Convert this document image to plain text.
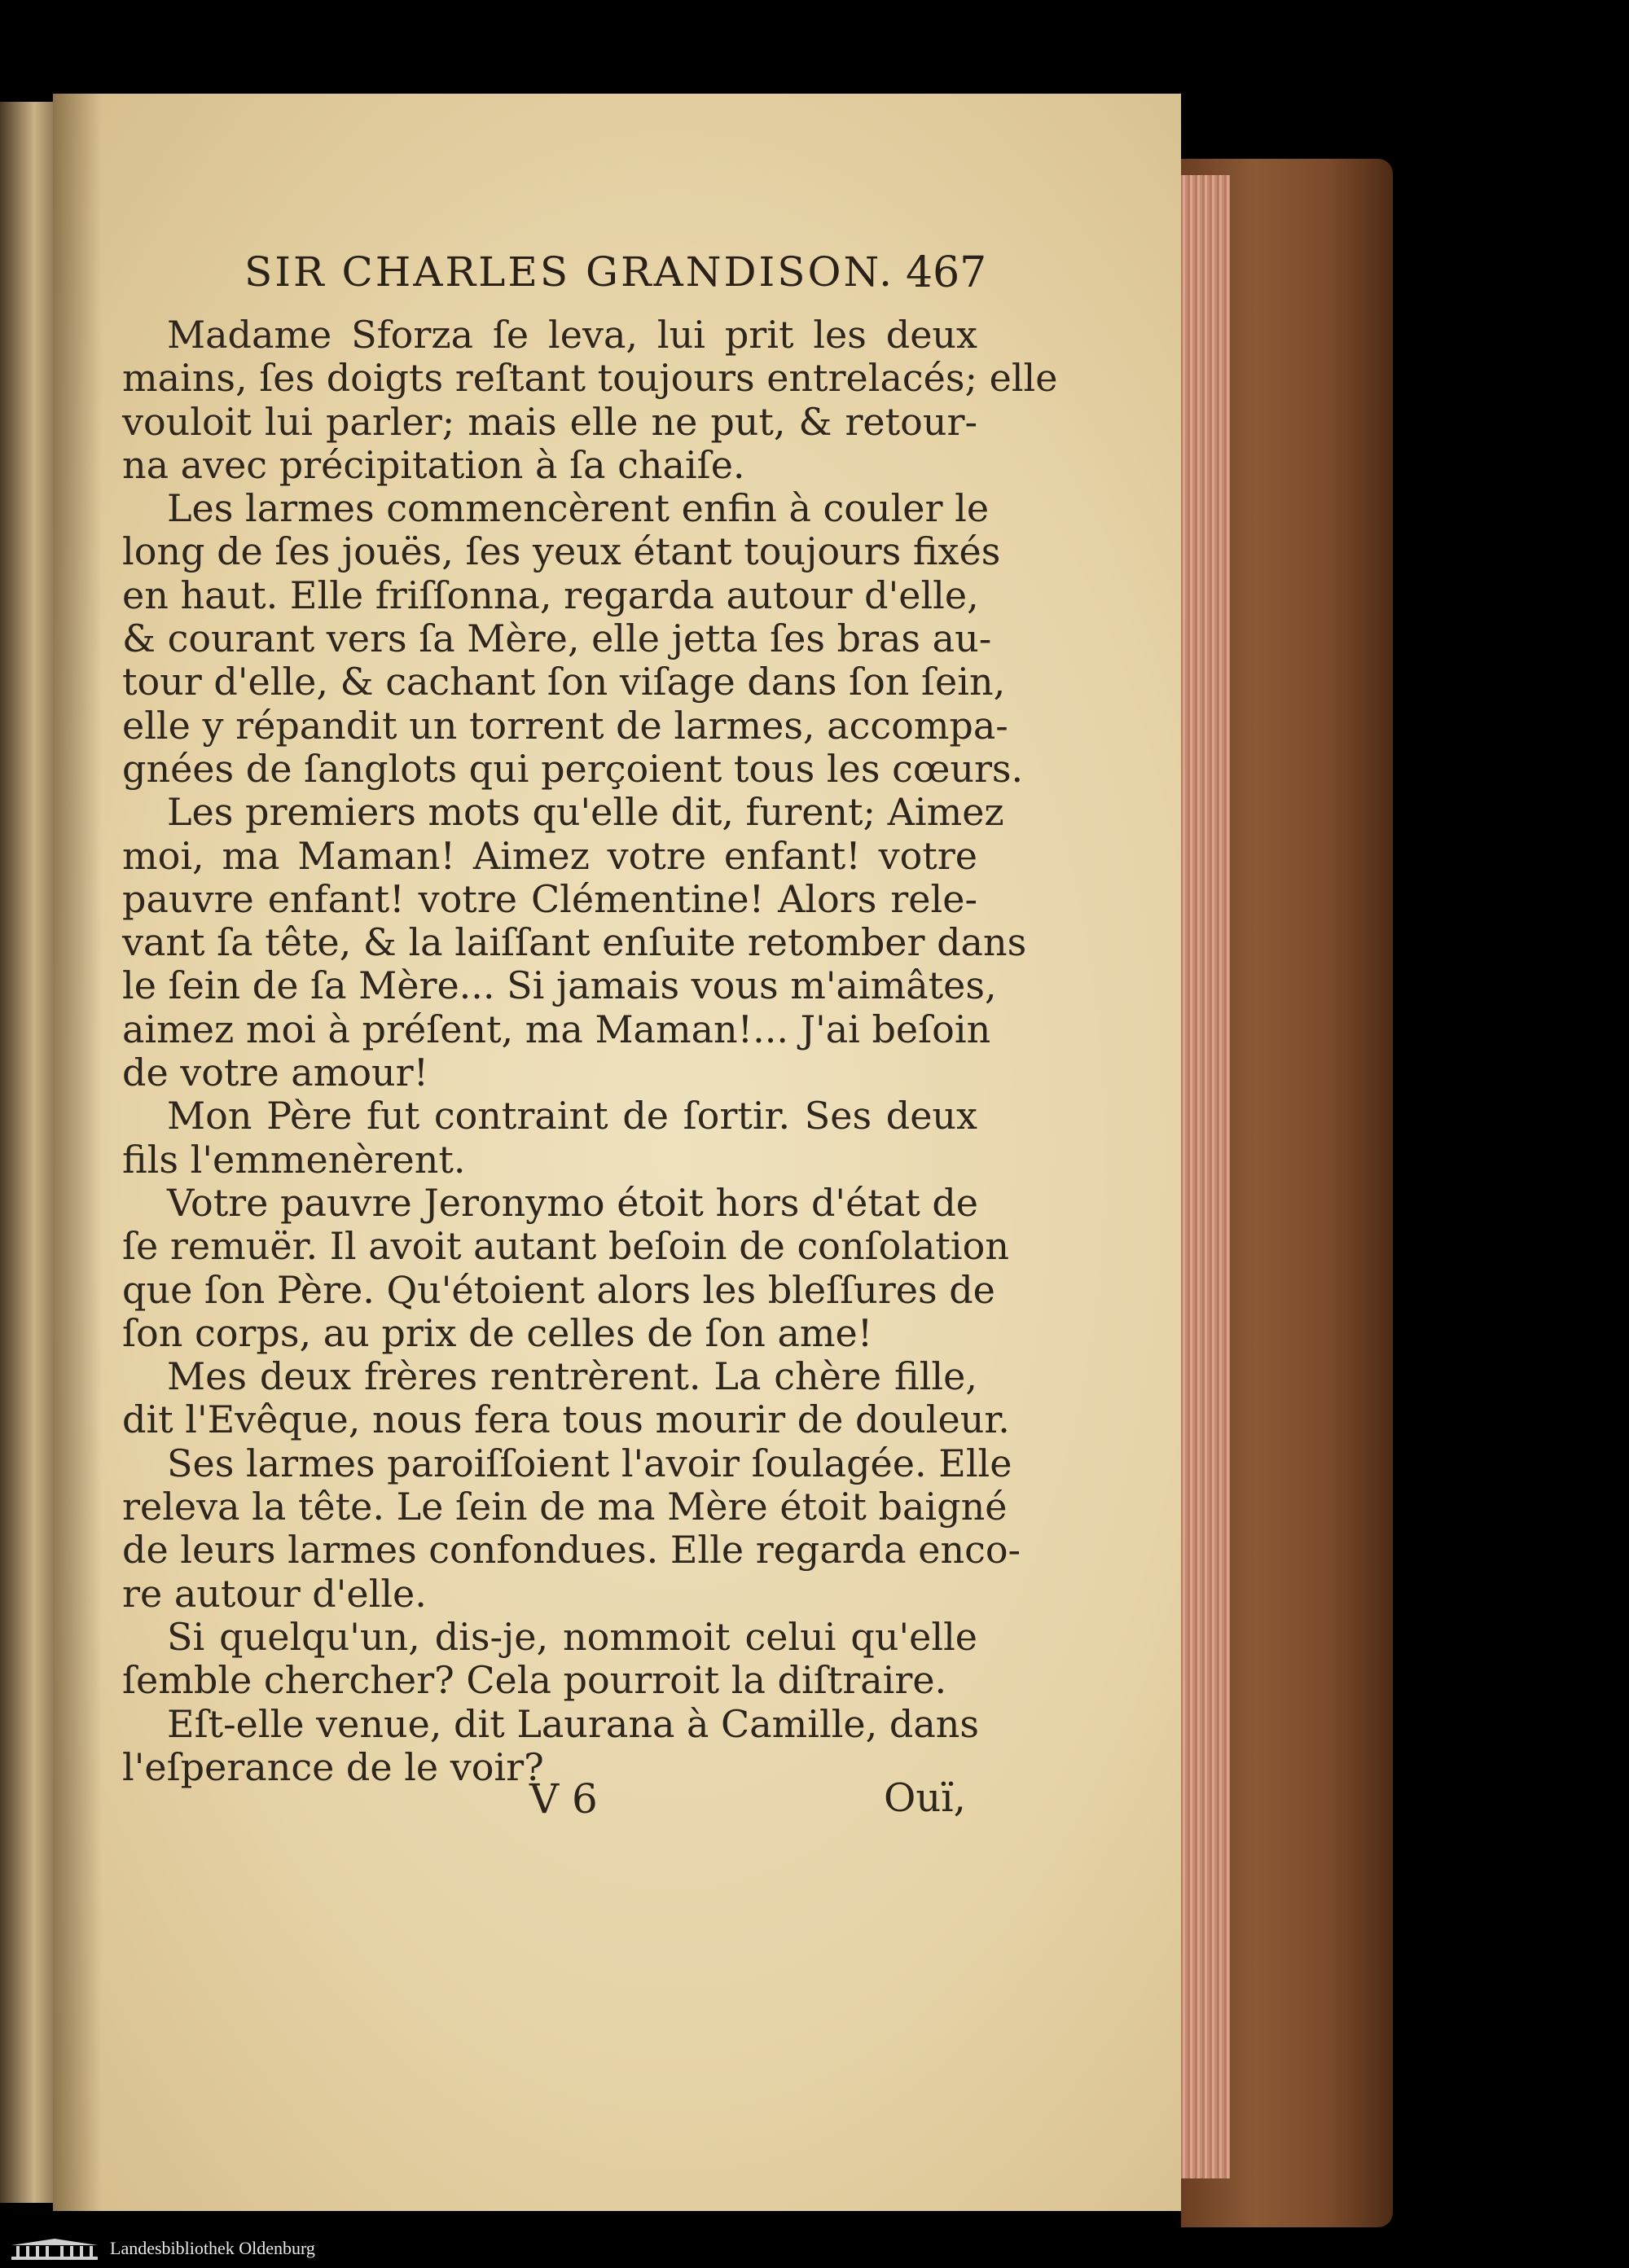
SIR CHARLES GRANDISON. 467
Madame Sforza ſe leva, lui prit les deux
mains, ſes doigts reſtant toujours entrelacés; elle
vouloit lui parler; mais elle ne put, & retour-
na avec précipitation à ſa chaiſe.
Les larmes commencèrent enfin à couler le
long de ſes jouës, ſes yeux étant toujours fixés
en haut. Elle friſſonna, regarda autour d'elle,
& courant vers ſa Mère, elle jetta ſes bras au-
tour d'elle, & cachant ſon viſage dans ſon ſein,
elle y répandit un torrent de larmes, accompa-
gnées de ſanglots qui perçoient tous les cœurs.
Les premiers mots qu'elle dit, furent; Aimez
moi, ma Maman! Aimez votre enfant! votre
pauvre enfant! votre Clémentine! Alors rele-
vant ſa tête, & la laiſſant enſuite retomber dans
le ſein de ſa Mère... Si jamais vous m'aimâtes,
aimez moi à préſent, ma Maman!... J'ai beſoin
de votre amour!
Mon Père fut contraint de ſortir. Ses deux
fils l'emmenèrent.
Votre pauvre Jeronymo étoit hors d'état de
ſe remuër. Il avoit autant beſoin de conſolation
que ſon Père. Qu'étoient alors les bleſſures de
ſon corps, au prix de celles de ſon ame!
Mes deux frères rentrèrent. La chère fille,
dit l'Evêque, nous fera tous mourir de douleur.
Ses larmes paroiſſoient l'avoir ſoulagée. Elle
releva la tête. Le ſein de ma Mère étoit baigné
de leurs larmes confondues. Elle regarda enco-
re autour d'elle.
Si quelqu'un, dis-je, nommoit celui qu'elle
ſemble chercher? Cela pourroit la diſtraire.
Eſt-elle venue, dit Laurana à Camille, dans
l'eſperance de le voir?
V 6	Ouï,
Landesbibliothek Oldenburg
